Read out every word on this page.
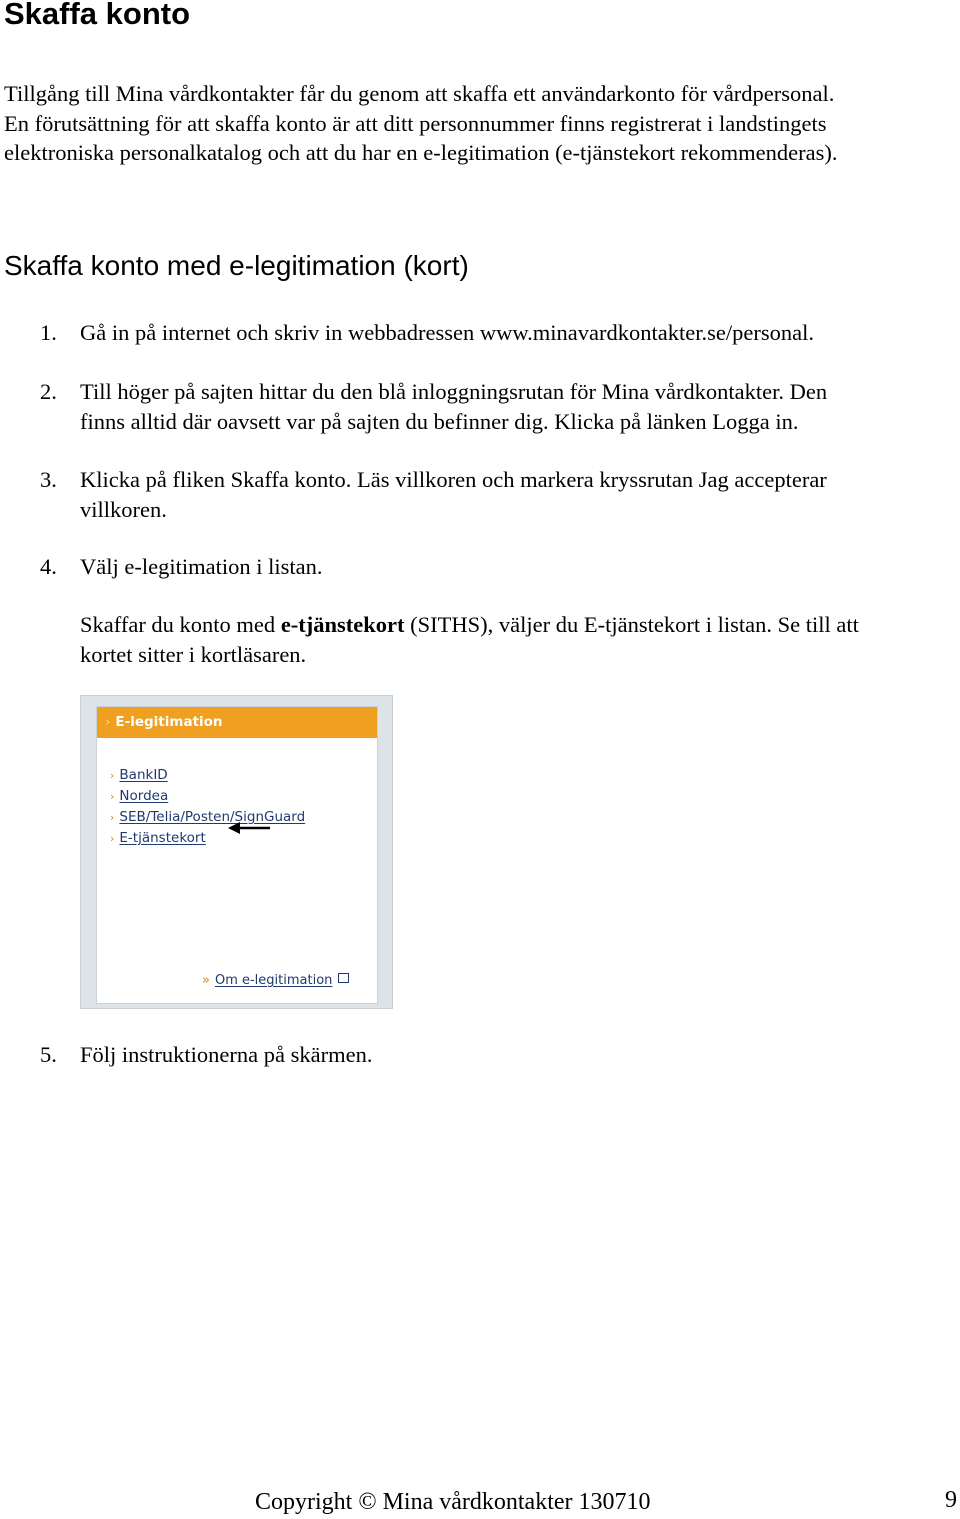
Skaffa konto
Tillgång till Mina vårdkontakter får du genom att skaffa ett användarkonto för vårdpersonal.
En förutsättning för att skaffa konto är att ditt personnummer finns registrerat i landstingets
elektroniska personalkatalog och att du har en e-legitimation (e-tjänstekort rekommenderas).
Skaffa konto med e-legitimation (kort)
1. Gå in på internet och skriv in webbadressen www.minavardkontakter.se/personal.
2. Till höger på sajten hittar du den blå inloggningsrutan för Mina vårdkontakter. Den
finns alltid där oavsett var på sajten du befinner dig. Klicka på länken Logga in.
3. Klicka på fliken Skaffa konto. Läs villkoren och markera kryssrutan Jag accepterar
villkoren.
4. Välj e-legitimation i listan.
Skaffar du konto med e-tjänstekort (SITHS), väljer du E-tjänstekort i listan. Se till att
kortet sitter i kortläsaren.
› E-legitimation
› BankID
› Nordea
› SEB/Telia/Posten/SignGuard
› E-tjänstekort
» Om e-legitimation
5. Följ instruktionerna på skärmen.
Copyright © Mina vårdkontakter 130710	9
